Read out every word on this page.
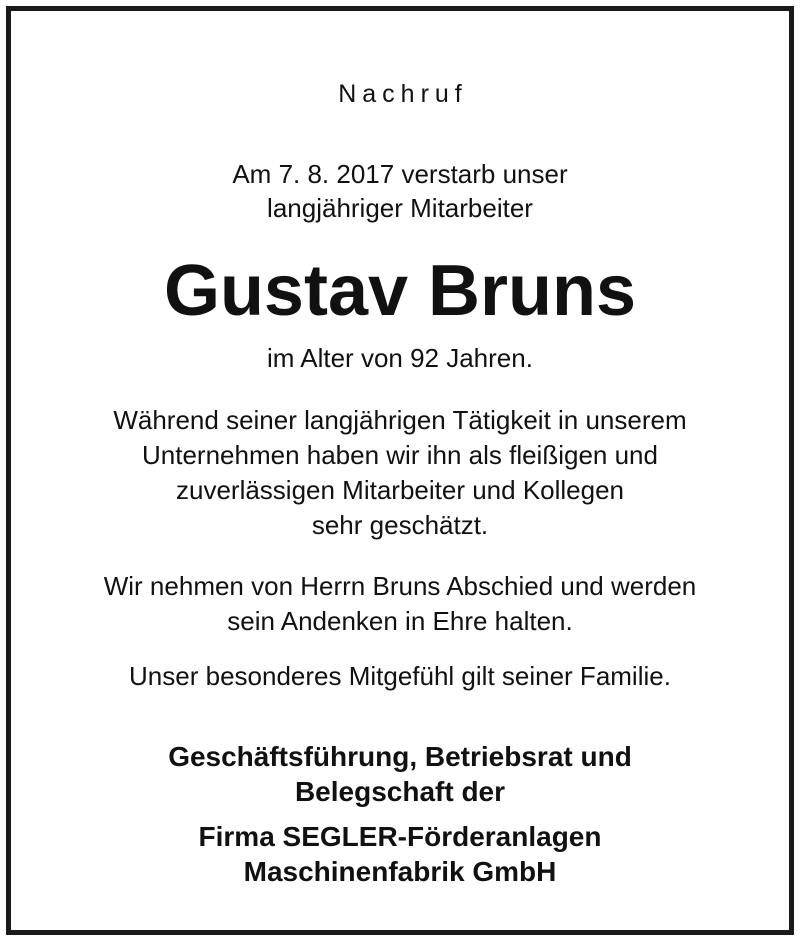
Nachruf
Am 7. 8. 2017 verstarb unser
langjähriger Mitarbeiter
Gustav Bruns
im Alter von 92 Jahren.
Während seiner langjährigen Tätigkeit in unserem
Unternehmen haben wir ihn als fleißigen und
zuverlässigen Mitarbeiter und Kollegen
sehr geschätzt.
Wir nehmen von Herrn Bruns Abschied und werden
sein Andenken in Ehre halten.
Unser besonderes Mitgefühl gilt seiner Familie.
Geschäftsführung, Betriebsrat und
Belegschaft der
Firma SEGLER-Förderanlagen
Maschinenfabrik GmbH
